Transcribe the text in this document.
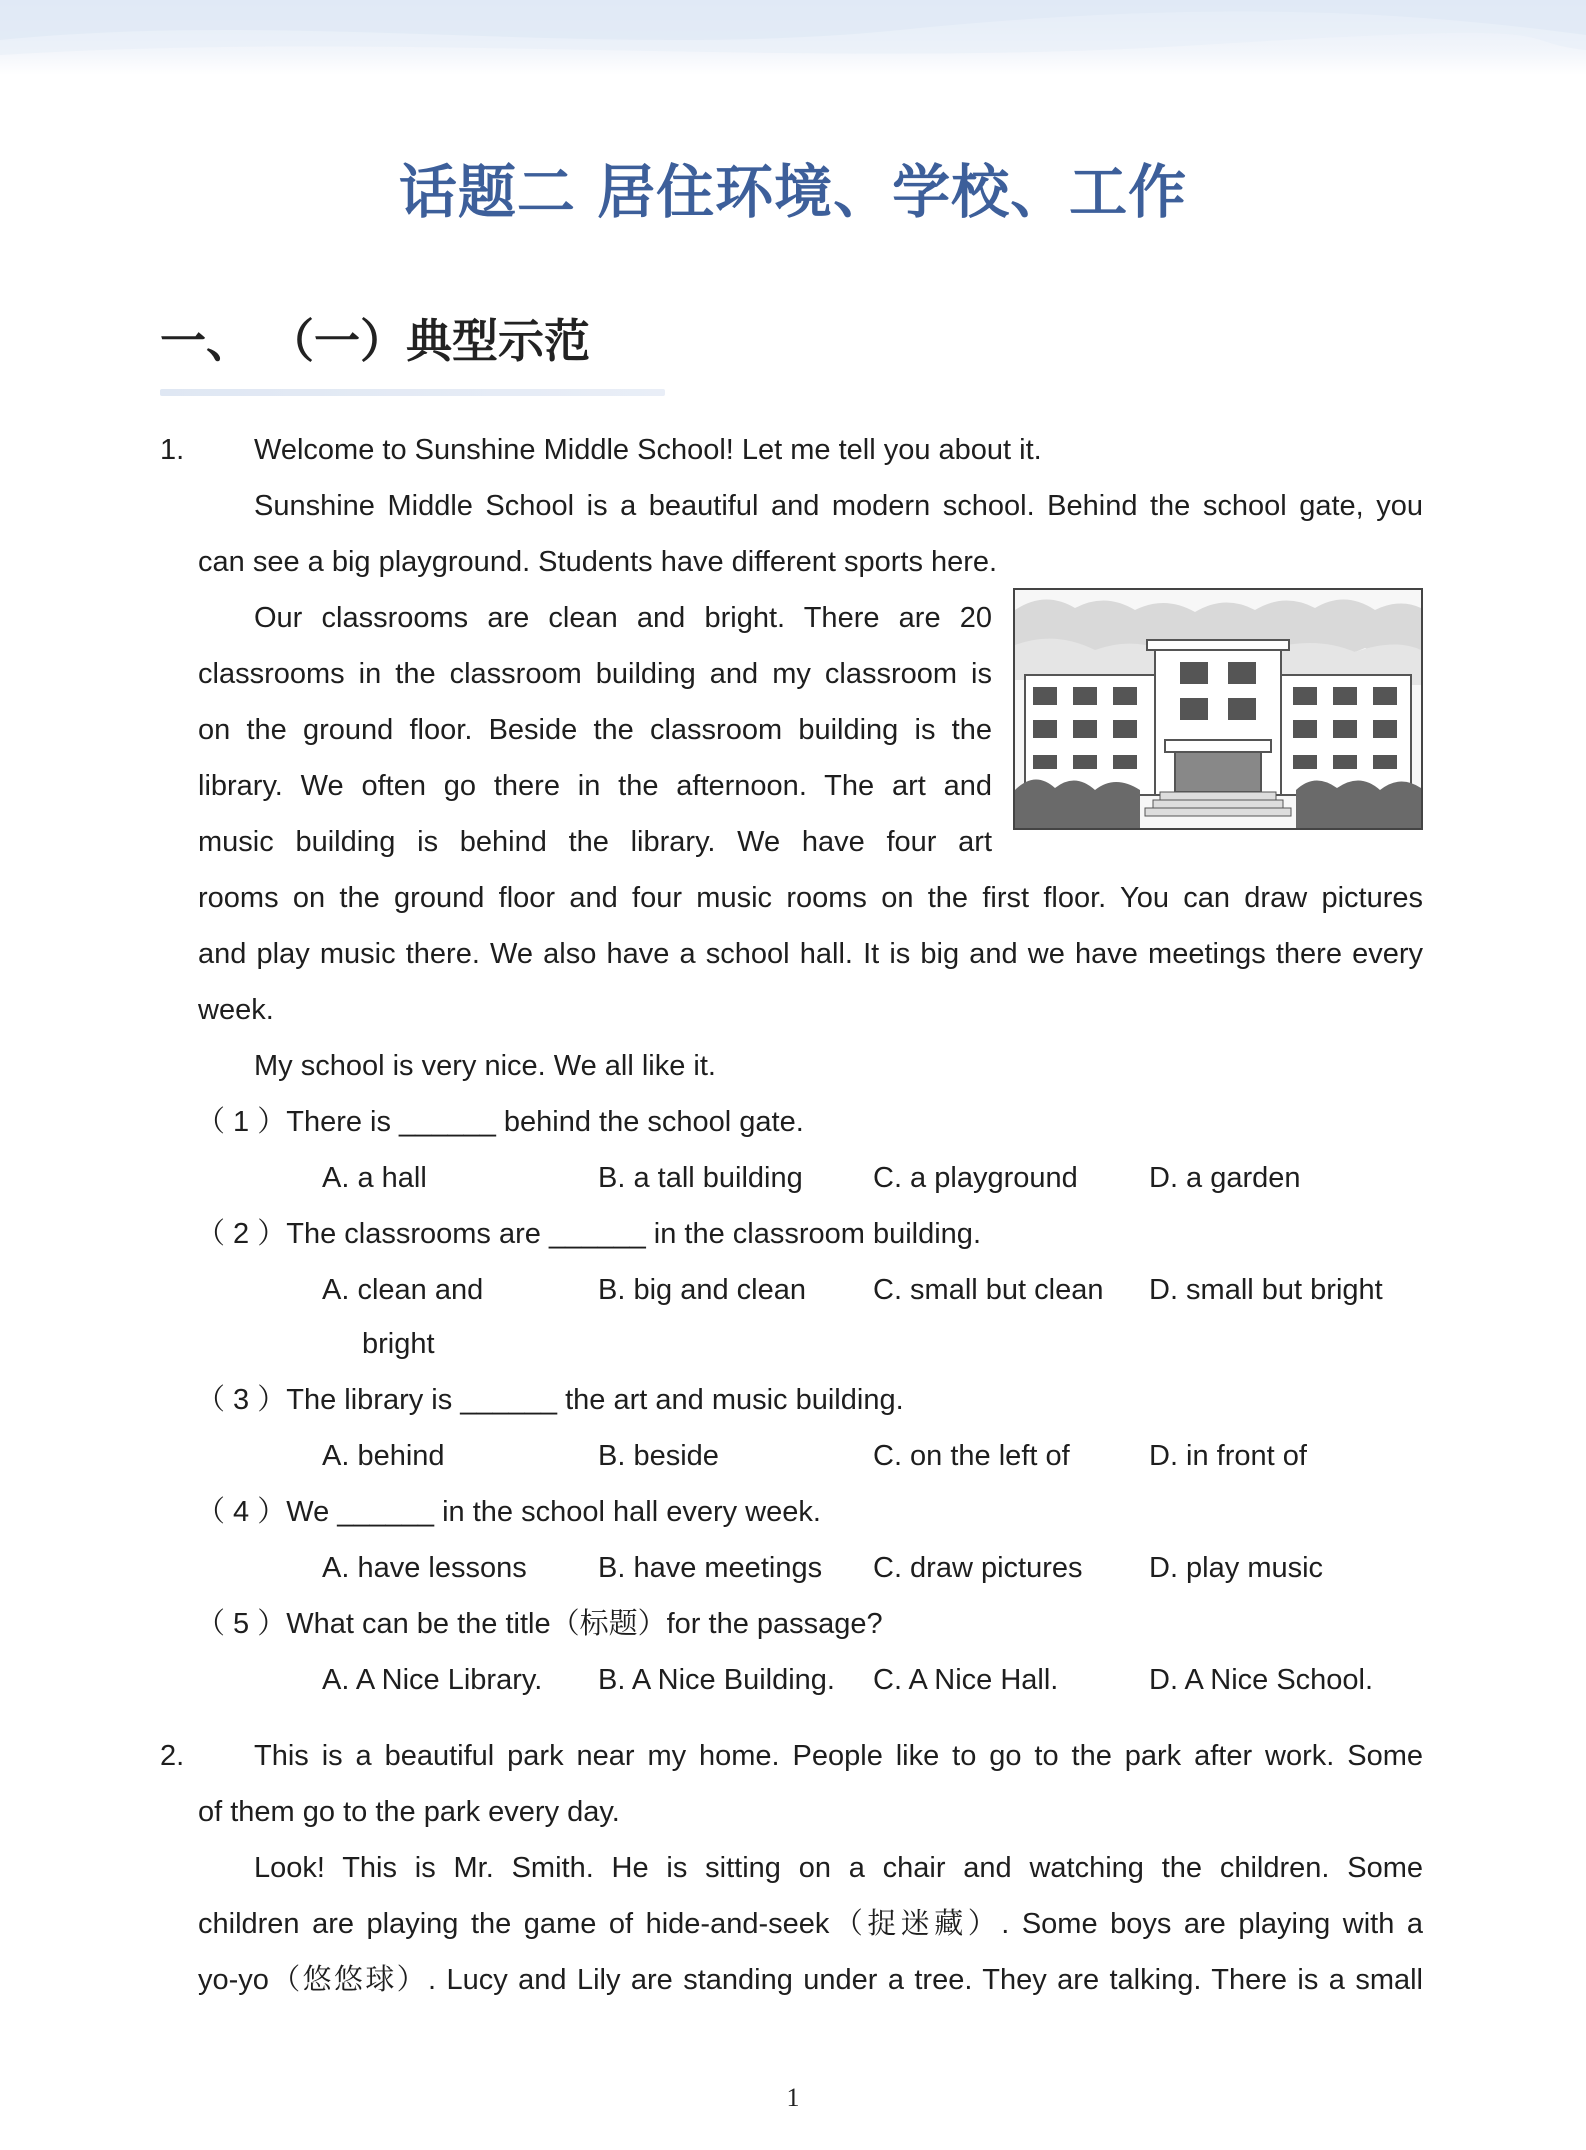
话题二 居住环境、学校、工作
一、 （一）典型示范
1. Welcome to Sunshine Middle School! Let me tell you about it.
Sunshine Middle School is a beautiful and modern school. Behind the school gate, you
can see a big playground. Students have different sports here.
Our classrooms are clean and bright. There are 20
classrooms in the classroom building and my classroom is
on the ground floor. Beside the classroom building is the
library. We often go there in the afternoon. The art and
music building is behind the library. We have four art
rooms on the ground floor and four music rooms on the first floor. You can draw pictures
and play music there. We also have a school hall. It is big and we have meetings there every
week.
My school is very nice. We all like it.
（ 1 ）There is ______ behind the school gate.
A. a hall	B. a tall building C. a playground D. a garden
（ 2 ）The classrooms are ______ in the classroom building.
A. clean and
bright
B. big and clean C. small but clean D. small but bright
（ 3 ）The library is ______ the art and music building.
A. behind	B. beside	C. on the left of	D. in front of
（ 4 ）We ______ in the school hall every week.
A. have lessons B. have meetings C. draw pictures D. play music
（ 5 ）What can be the title（标题）for the passage?
A. A Nice Library. B. A Nice Building. C. A Nice Hall.	D. A Nice School.
2. This is a beautiful park near my home. People like to go to the park after work. Some
of them go to the park every day.
Look! This is Mr. Smith. He is sitting on a chair and watching the children. Some
children are playing the game of hide-and-seek（捉迷藏）. Some boys are playing with a
yo-yo（悠悠球）. Lucy and Lily are standing under a tree. They are talking. There is a small
1
